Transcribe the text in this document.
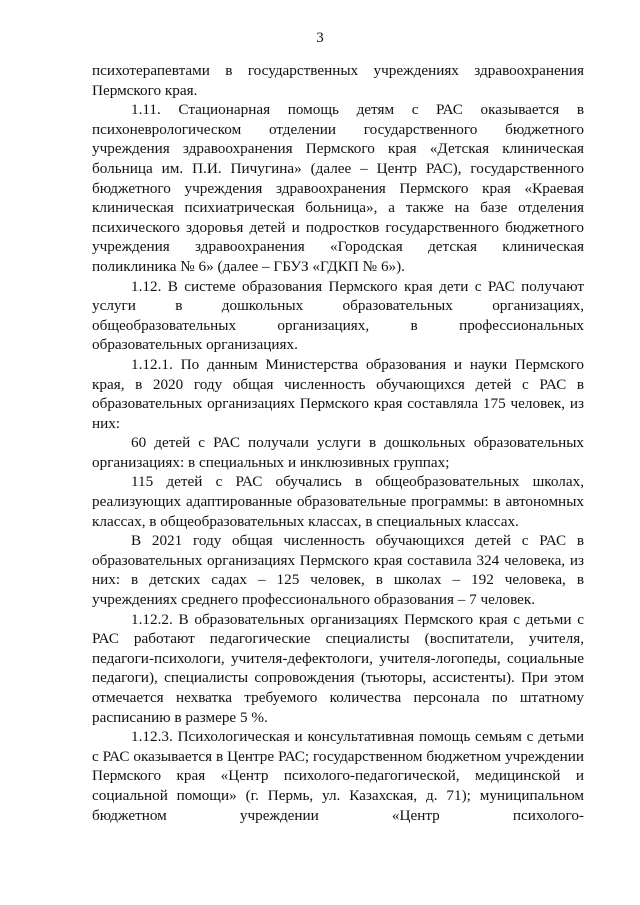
3

психотерапевтами в государственных учреждениях здравоохранения Пермского края.

1.11. Стационарная помощь детям с РАС оказывается в психоневрологическом отделении государственного бюджетного учреждения здравоохранения Пермского края «Детская клиническая больница им. П.И. Пичугина» (далее – Центр РАС), государственного бюджетного учреждения здравоохранения Пермского края «Краевая клиническая психиатрическая больница», а также на базе отделения психического здоровья детей и подростков государственного бюджетного учреждения здравоохранения «Городская детская клиническая поликлиника № 6» (далее – ГБУЗ «ГДКП № 6»).

1.12. В системе образования Пермского края дети с РАС получают услуги в дошкольных образовательных организациях, общеобразовательных организациях, в профессиональных образовательных организациях.

1.12.1. По данным Министерства образования и науки Пермского края, в 2020 году общая численность обучающихся детей с РАС в образовательных организациях Пермского края составляла 175 человек, из них:

60 детей с РАС получали услуги в дошкольных образовательных организациях: в специальных и инклюзивных группах;

115 детей с РАС обучались в общеобразовательных школах, реализующих адаптированные образовательные программы: в автономных классах, в общеобразовательных классах, в специальных классах.

В 2021 году общая численность обучающихся детей с РАС в образовательных организациях Пермского края составила 324 человека, из них: в детских садах – 125 человек, в школах – 192 человека, в учреждениях среднего профессионального образования – 7 человек.

1.12.2. В образовательных организациях Пермского края с детьми с РАС работают педагогические специалисты (воспитатели, учителя, педагоги-психологи, учителя-дефектологи, учителя-логопеды, социальные педагоги), специалисты сопровождения (тьюторы, ассистенты). При этом отмечается нехватка требуемого количества персонала по штатному расписанию в размере 5 %.

1.12.3. Психологическая и консультативная помощь семьям с детьми с РАС оказывается в Центре РАС; государственном бюджетном учреждении Пермского края «Центр психолого-педагогической, медицинской и социальной помощи» (г. Пермь, ул. Казахская, д. 71); муниципальном бюджетном учреждении «Центр психолого-
